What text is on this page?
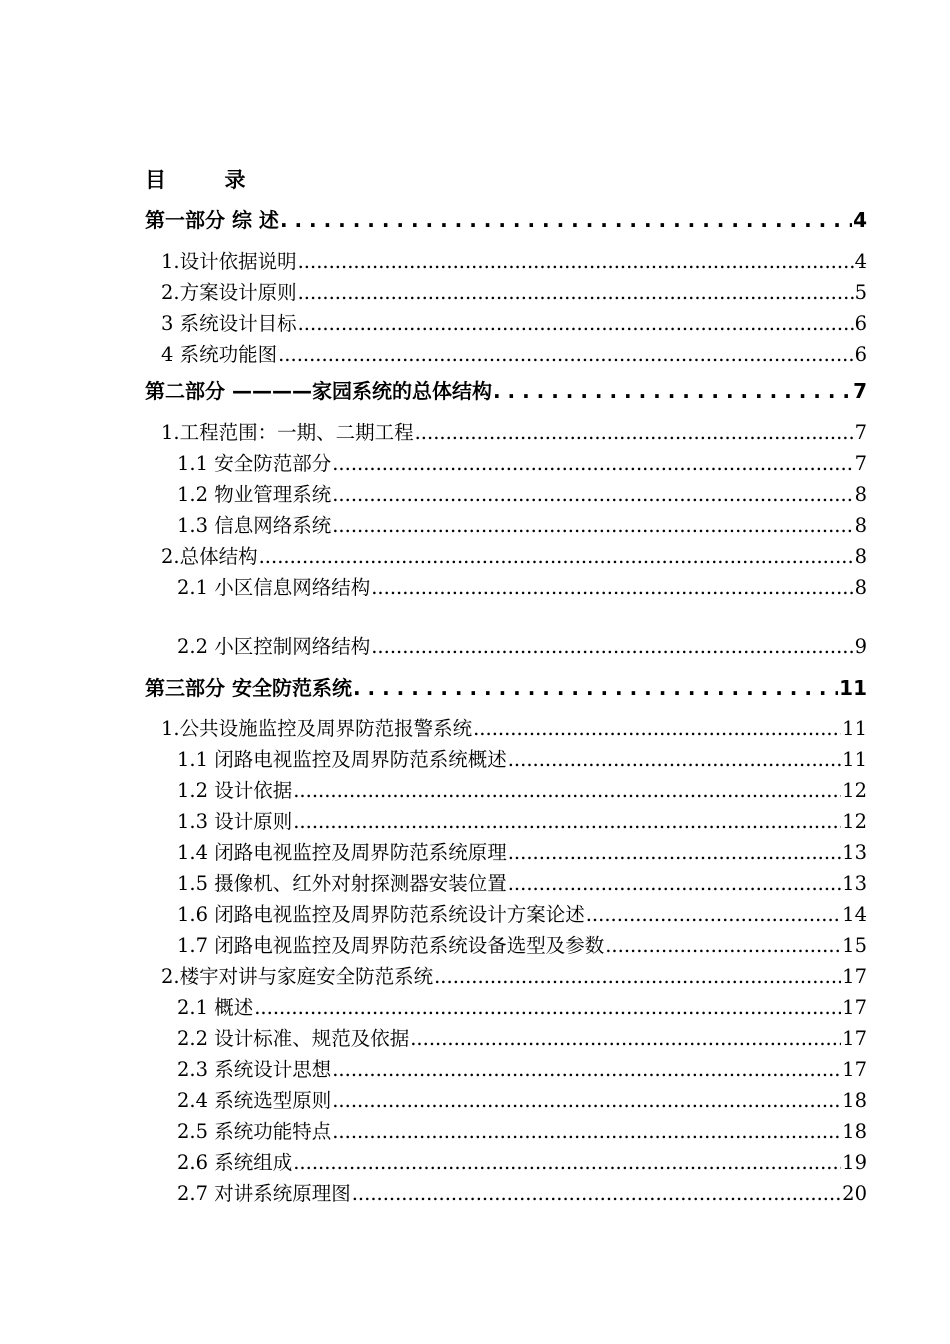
目        录
第一部分 综 述 . . .	4
1.设计依据说明 .....	4
2.方案设计原则 .....	5
3 系统设计目标 .....	6
4 系统功能图 .....	6
第二部分 ————家园系统的总体结构 . . .	7
1.工程范围：一期、二期工程 .....	7
1.1 安全防范部分 .....	7
1.2 物业管理系统 .....	8
1.3 信息网络系统 .....	8
2.总体结构 .....	8
2.1 小区信息网络结构 .....	8
2.2 小区控制网络结构 .....	9
第三部分 安全防范系统 . . .	11
1.公共设施监控及周界防范报警系统 .....	11
1.1 闭路电视监控及周界防范系统概述 .....	11
1.2 设计依据 .....	12
1.3 设计原则 .....	12
1.4 闭路电视监控及周界防范系统原理 .....	13
1.5 摄像机、红外对射探测器安装位置 .....	13
1.6 闭路电视监控及周界防范系统设计方案论述 .....	14
1.7 闭路电视监控及周界防范系统设备选型及参数 .....	15
2.楼宇对讲与家庭安全防范系统 .....	17
2.1 概述 .....	17
2.2 设计标准、规范及依据 .....	17
2.3 系统设计思想 .....	17
2.4 系统选型原则 .....	18
2.5 系统功能特点 .....	18
2.6 系统组成 .....	19
2.7 对讲系统原理图 .....	20
